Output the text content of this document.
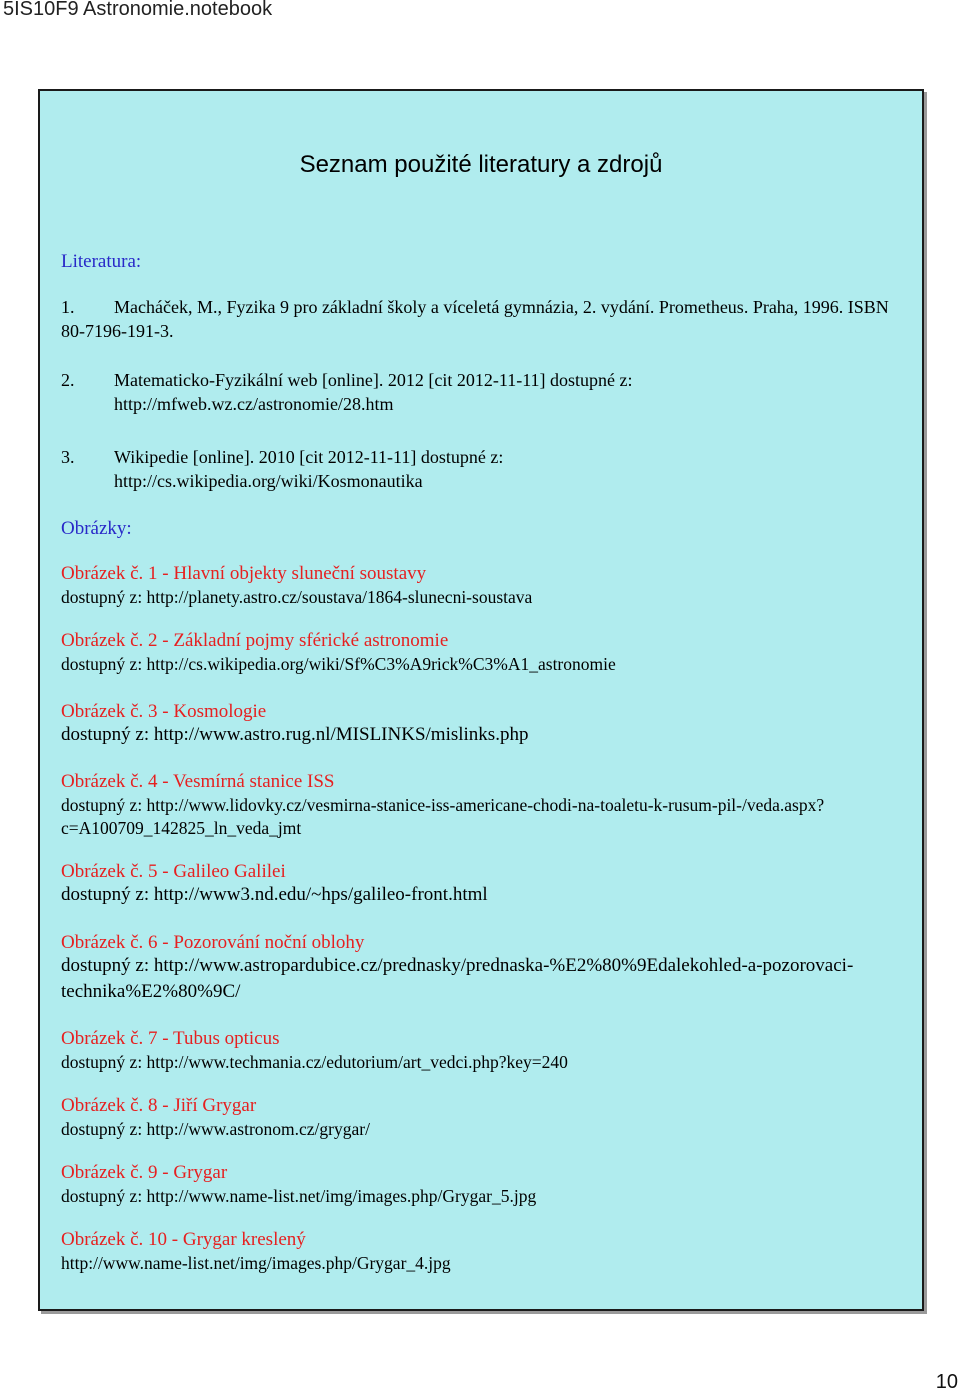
5IS10F9 Astronomie.notebook
Seznam použité literatury a zdrojů
Literatura:
1. Macháček, M., Fyzika 9 pro základní školy a víceletá gymnázia, 2. vydání. Prometheus. Praha, 1996. ISBN
80-7196-191-3.
2. Matematicko-Fyzikální web [online]. 2012 [cit 2012-11-11] dostupné z:
http://mfweb.wz.cz/astronomie/28.htm
3. Wikipedie [online]. 2010 [cit 2012-11-11] dostupné z:
http://cs.wikipedia.org/wiki/Kosmonautika
Obrázky:
Obrázek č. 1 - Hlavní objekty sluneční soustavy
dostupný z: http://planety.astro.cz/soustava/1864-slunecni-soustava
Obrázek č. 2 - Základní pojmy sférické astronomie
dostupný z: http://cs.wikipedia.org/wiki/Sf%C3%A9rick%C3%A1_astronomie
Obrázek č. 3 - Kosmologie
dostupný z: http://www.astro.rug.nl/MISLINKS/mislinks.php
Obrázek č. 4 - Vesmírná stanice ISS
dostupný z: http://www.lidovky.cz/vesmirna-stanice-iss-americane-chodi-na-toaletu-k-rusum-pil-/veda.aspx?
c=A100709_142825_ln_veda_jmt
Obrázek č. 5 - Galileo Galilei
dostupný z: http://www3.nd.edu/~hps/galileo-front.html
Obrázek č. 6 - Pozorování noční oblohy
dostupný z: http://www.astropardubice.cz/prednasky/prednaska-%E2%80%9Edalekohled-a-pozorovaci-
technika%E2%80%9C/
Obrázek č. 7 - Tubus opticus
dostupný z: http://www.techmania.cz/edutorium/art_vedci.php?key=240
Obrázek č. 8 - Jiří Grygar
dostupný z: http://www.astronom.cz/grygar/
Obrázek č. 9 - Grygar
dostupný z: http://www.name-list.net/img/images.php/Grygar_5.jpg
Obrázek č. 10 - Grygar kreslený
http://www.name-list.net/img/images.php/Grygar_4.jpg
10
